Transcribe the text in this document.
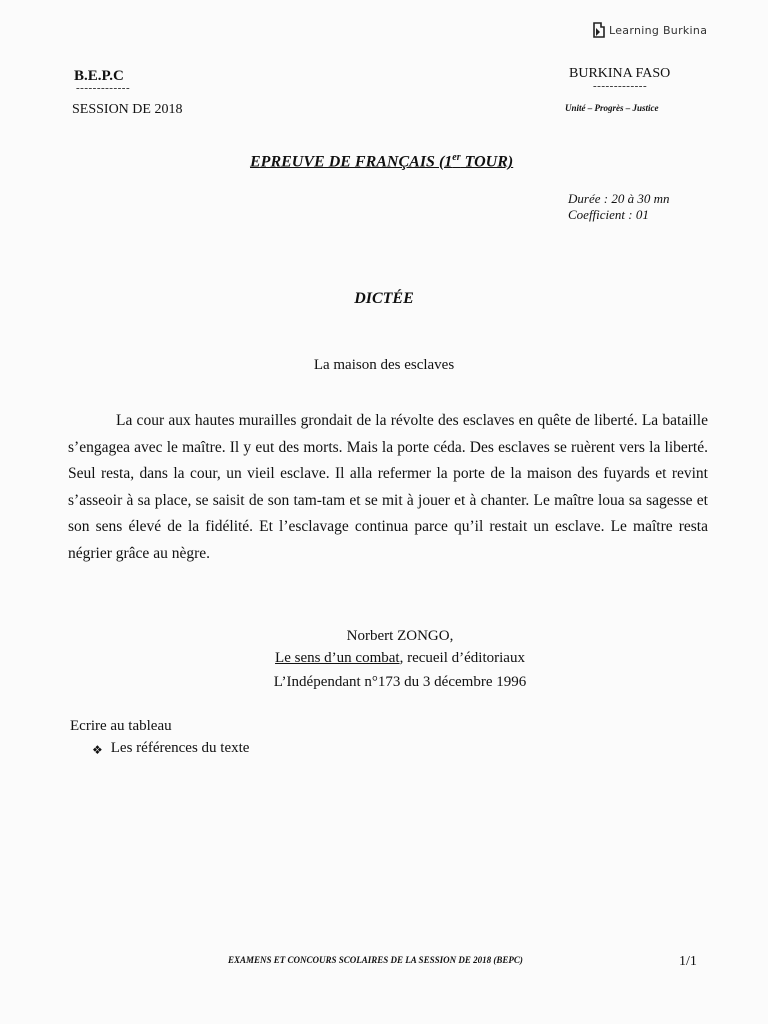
Learning Burkina
B.E.P.C
-------------
SESSION DE 2018
BURKINA FASO
-------------
Unité – Progrès – Justice
EPREUVE DE FRANÇAIS (1er TOUR)
Durée : 20 à 30 mn
Coefficient : 01
DICTÉE
La maison des esclaves
La cour aux hautes murailles grondait de la révolte des esclaves en quête de liberté. La bataille s’engagea avec le maître. Il y eut des morts. Mais la porte céda. Des esclaves se ruèrent vers la liberté. Seul resta, dans la cour, un vieil esclave. Il alla refermer la porte de la maison des fuyards et revint s’asseoir à sa place, se saisit de son tam-tam et se mit à jouer et à chanter. Le maître loua sa sagesse et son sens élevé de la fidélité. Et l’esclavage continua parce qu’il restait un esclave. Le maître resta négrier grâce au nègre.
Norbert ZONGO,
Le sens d’un combat, recueil d’éditoriaux
L’Indépendant n°173 du 3 décembre 1996
Ecrire au tableau
❖ Les références du texte
EXAMENS ET CONCOURS SCOLAIRES DE LA SESSION DE 2018 (BEPC)	1/1
